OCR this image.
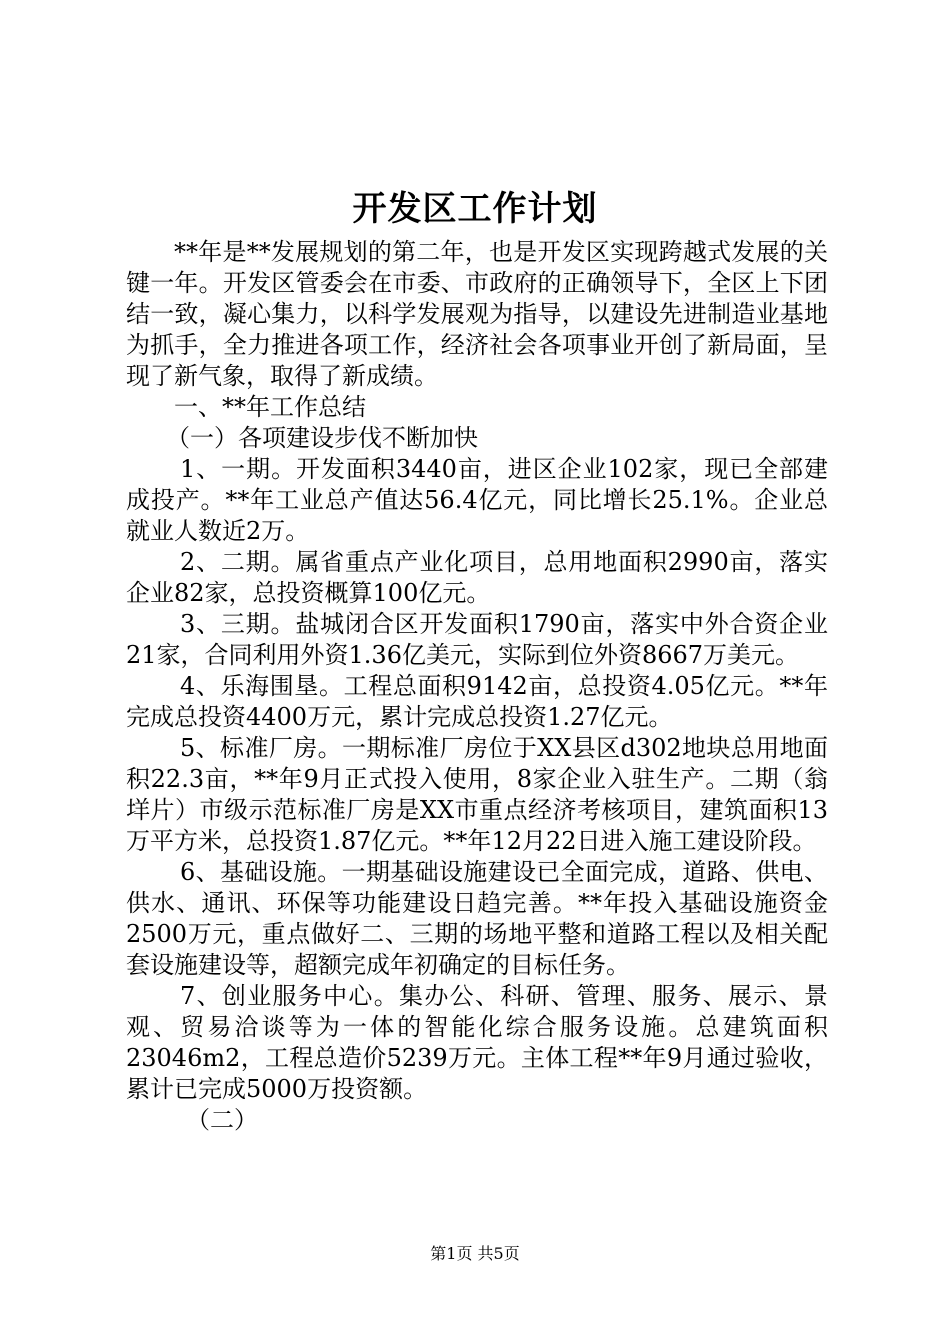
开发区工作计划

**年是**发展规划的第二年，也是开发区实现跨越式发展的关键一年。开发区管委会在市委、市政府的正确领导下，全区上下团结一致，凝心集力，以科学发展观为指导，以建设先进制造业基地为抓手，全力推进各项工作，经济社会各项事业开创了新局面，呈现了新气象，取得了新成绩。

一、**年工作总结

（一）各项建设步伐不断加快

1、一期。开发面积3440亩，进区企业102家，现已全部建成投产。**年工业总产值达56.4亿元，同比增长25.1%。企业总就业人数近2万。

2、二期。属省重点产业化项目，总用地面积2990亩，落实企业82家，总投资概算100亿元。

3、三期。盐城闭合区开发面积1790亩，落实中外合资企业21家，合同利用外资1.36亿美元，实际到位外资8667万美元。

4、乐海围垦。工程总面积9142亩，总投资4.05亿元。**年完成总投资4400万元，累计完成总投资1.27亿元。

5、标准厂房。一期标准厂房位于XX县区d302地块总用地面积22.3亩，**年9月正式投入使用，8家企业入驻生产。二期（翁垟片）市级示范标准厂房是XX市重点经济考核项目，建筑面积13万平方米，总投资1.87亿元。**年12月22日进入施工建设阶段。

6、基础设施。一期基础设施建设已全面完成，道路、供电、供水、通讯、环保等功能建设日趋完善。**年投入基础设施资金2500万元，重点做好二、三期的场地平整和道路工程以及相关配套设施建设等，超额完成年初确定的目标任务。

7、创业服务中心。集办公、科研、管理、服务、展示、景观、贸易洽谈等为一体的智能化综合服务设施。总建筑面积23046m2，工程总造价5239万元。主体工程**年9月通过验收，累计已完成5000万投资额。

（二）

第1页 共5页
